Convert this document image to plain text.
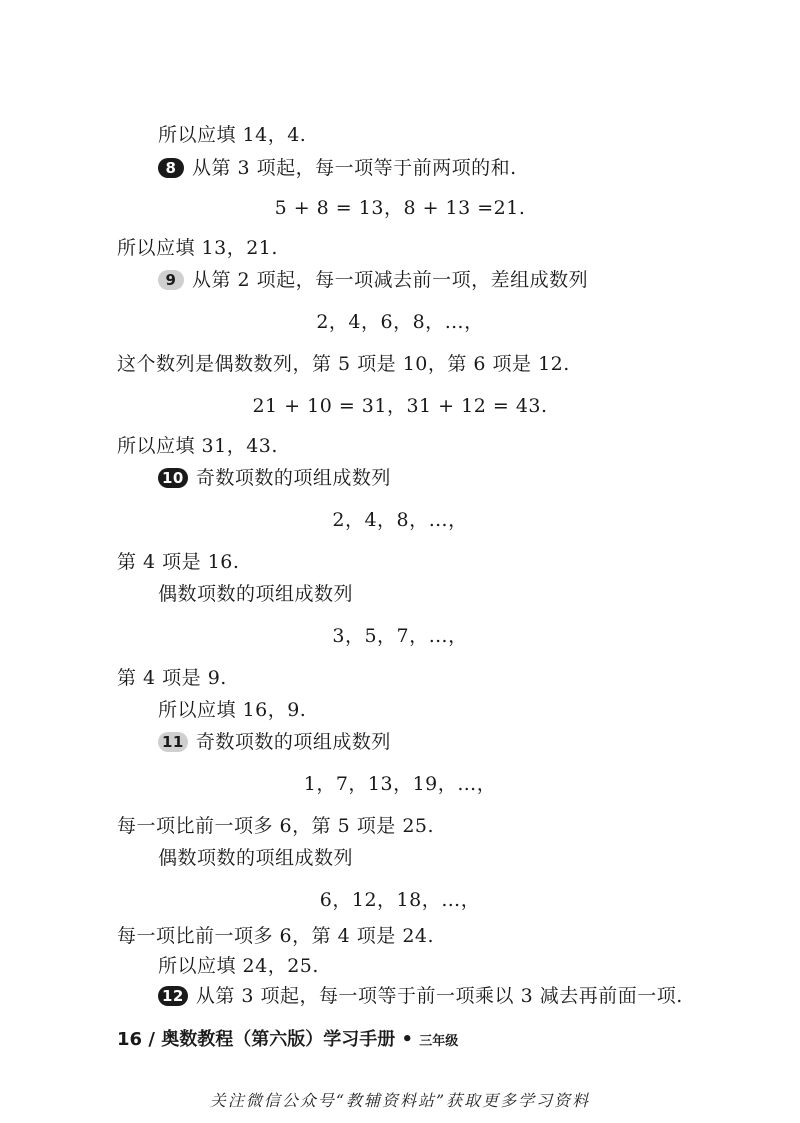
所以应填 14，4.
8 从第 3 项起，每一项等于前两项的和.
5 + 8 = 13，8 + 13 =21.
所以应填 13，21.
9 从第 2 项起，每一项减去前一项，差组成数列
2，4，6，8，…，
这个数列是偶数数列，第 5 项是 10，第 6 项是 12.
21 + 10 = 31，31 + 12 = 43.
所以应填 31，43.
10 奇数项数的项组成数列
2，4，8，…，
第 4 项是 16.
偶数项数的项组成数列
3，5，7，…，
第 4 项是 9.
所以应填 16，9.
11 奇数项数的项组成数列
1，7，13，19，…，
每一项比前一项多 6，第 5 项是 25.
偶数项数的项组成数列
6，12，18，…，
每一项比前一项多 6，第 4 项是 24.
所以应填 24，25.
12 从第 3 项起，每一项等于前一项乘以 3 减去再前面一项.
16 / 奥数教程（第六版）学习手册 • 三年级
关注微信公众号“教辅资料站”获取更多学习资料
